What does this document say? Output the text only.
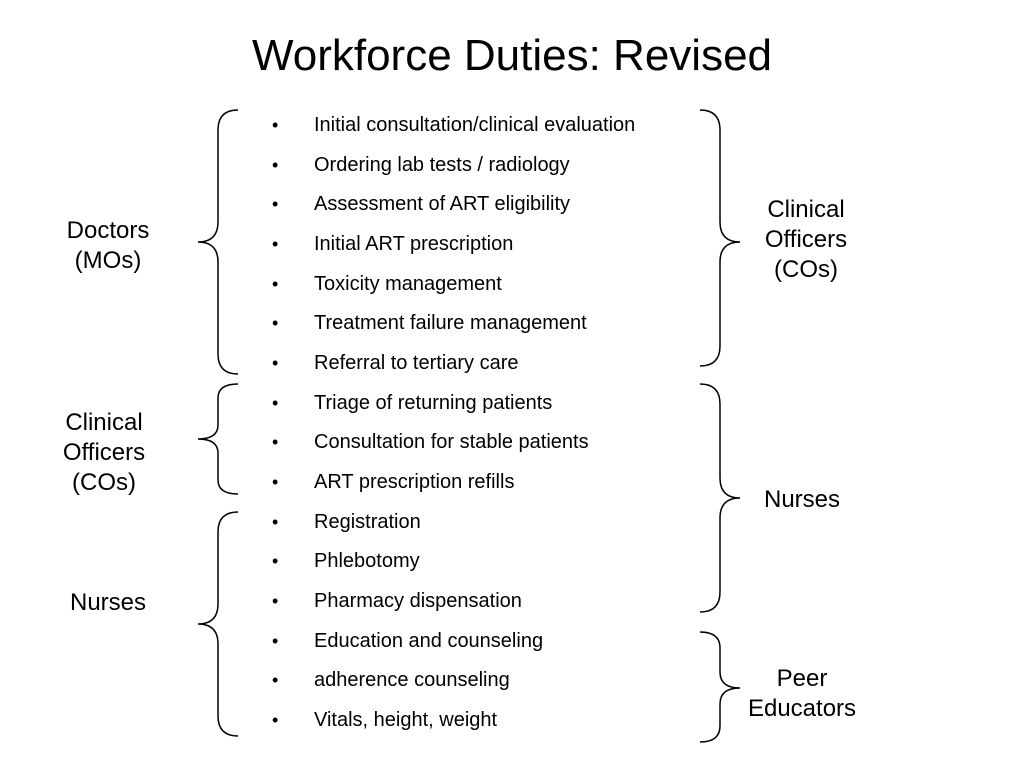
Workforce Duties: Revised
• Initial consultation/clinical evaluation
• Ordering lab tests / radiology
• Assessment of ART eligibility
• Initial ART prescription
• Toxicity management
• Treatment failure management
• Referral to tertiary care
• Triage of returning patients
• Consultation for stable patients
• ART prescription refills
• Registration
• Phlebotomy
• Pharmacy dispensation
• Education and counseling
• adherence counseling
• Vitals, height, weight
Doctors
(MOs)
Clinical
Officers
(COs)
Nurses
Clinical
Officers
(COs)
Nurses
Peer
Educators
